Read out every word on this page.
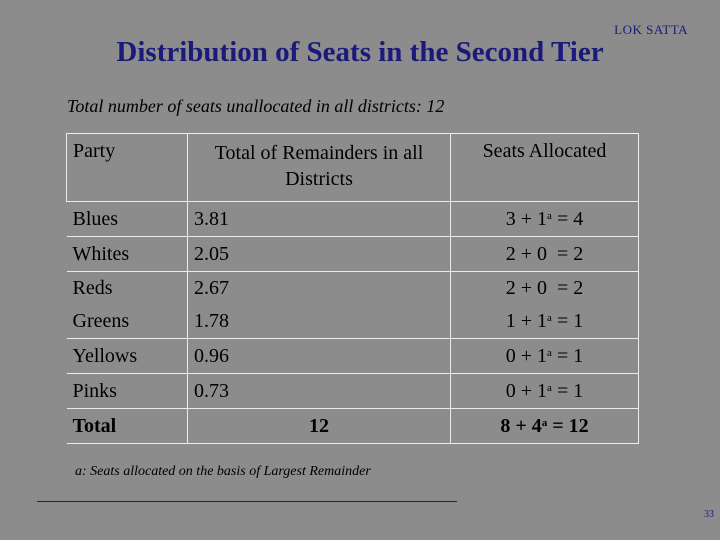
LOK SATTA
Distribution of Seats in the Second Tier
Total number of seats unallocated in all districts: 12
Party	Total of Remainders in all Districts	Seats Allocated
Blues	3.81	3 + 1$^a$ = 4
Whites	2.05	2 + 0  = 2
Reds	2.67	2 + 0  = 2
Greens	1.78	1 + 1$^a$ = 1
Yellows	0.96	0 + 1$^a$ = 1
Pinks	0.73	0 + 1$^a$ = 1
Total	12	8 + 4$^a$ = 12
a: Seats allocated on the basis of Largest Remainder
33
